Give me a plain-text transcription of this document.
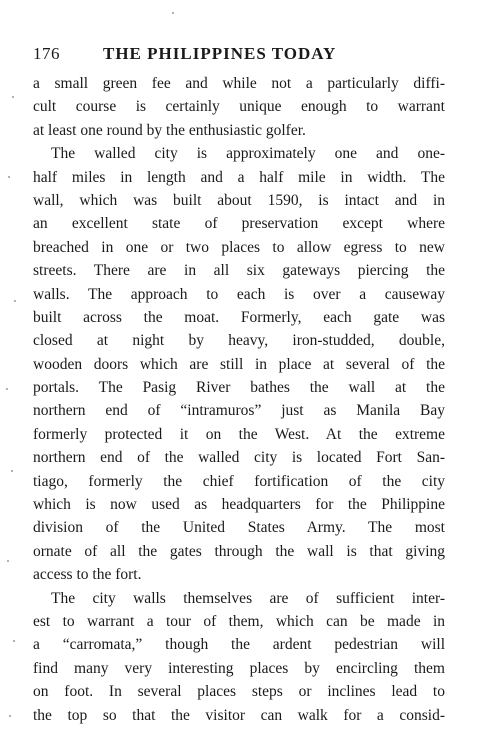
176	THE PHILIPPINES TODAY
a small green fee and while not a particularly diffi-
cult course is certainly unique enough to warrant
at least one round by the enthusiastic golfer.
The walled city is approximately one and one-
half miles in length and a half mile in width. The
wall, which was built about 1590, is intact and in
an excellent state of preservation except where
breached in one or two places to allow egress to new
streets. There are in all six gateways piercing the
walls. The approach to each is over a causeway
built across the moat. Formerly, each gate was
closed at night by heavy, iron-studded, double,
wooden doors which are still in place at several of the
portals. The Pasig River bathes the wall at the
northern end of “intramuros” just as Manila Bay
formerly protected it on the West. At the extreme
northern end of the walled city is located Fort San-
tiago, formerly the chief fortification of the city
which is now used as headquarters for the Philippine
division of the United States Army. The most
ornate of all the gates through the wall is that giving
access to the fort.
The city walls themselves are of sufficient inter-
est to warrant a tour of them, which can be made in
a “carromata,” though the ardent pedestrian will
find many very interesting places by encircling them
on foot. In several places steps or inclines lead to
the top so that the visitor can walk for a consid-
